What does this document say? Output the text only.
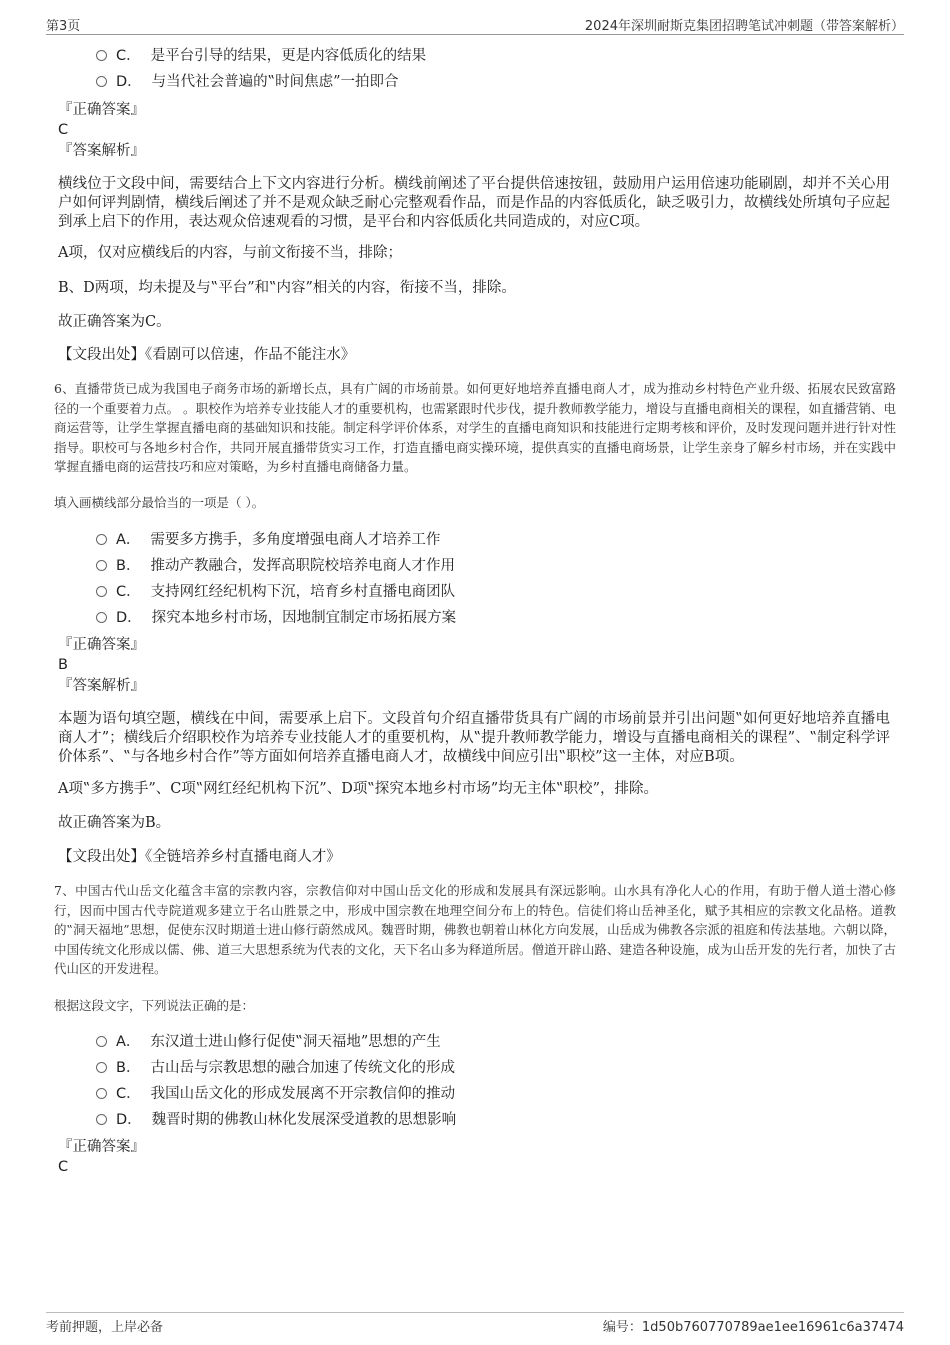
第3页	2024年深圳耐斯克集团招聘笔试冲刺题（带答案解析）
C． 是平台引导的结果，更是内容低质化的结果
D． 与当代社会普遍的‟时间焦虑”一拍即合
『正确答案』
C
『答案解析』
横线位于文段中间，需要结合上下文内容进行分析。横线前阐述了平台提供倍速按钮，鼓励用户运用倍速功能刷剧，却并不关心用户如何评判剧情，横线后阐述了并不是观众缺乏耐心完整观看作品，而是作品的内容低质化，缺乏吸引力，故横线处所填句子应起到承上启下的作用，表达观众倍速观看的习惯，是平台和内容低质化共同造成的，对应C项。
A项，仅对应横线后的内容，与前文衔接不当，排除；
B、D两项，均未提及与‟平台”和‟内容”相关的内容，衔接不当，排除。
故正确答案为C。
【文段出处】《看剧可以倍速，作品不能注水》
6、直播带货已成为我国电子商务市场的新增长点，具有广阔的市场前景。如何更好地培养直播电商人才，成为推动乡村特色产业升级、拓展农民致富路径的一个重要着力点。 。职校作为培养专业技能人才的重要机构，也需紧跟时代步伐，提升教师教学能力，增设与直播电商相关的课程，如直播营销、电商运营等，让学生掌握直播电商的基础知识和技能。制定科学评价体系，对学生的直播电商知识和技能进行定期考核和评价，及时发现问题并进行针对性指导。职校可与各地乡村合作，共同开展直播带货实习工作，打造直播电商实操环境，提供真实的直播电商场景，让学生亲身了解乡村市场，并在实践中掌握直播电商的运营技巧和应对策略，为乡村直播电商储备力量。
填入画横线部分最恰当的一项是（ ）。
A． 需要多方携手，多角度增强电商人才培养工作
B． 推动产教融合，发挥高职院校培养电商人才作用
C． 支持网红经纪机构下沉，培育乡村直播电商团队
D． 探究本地乡村市场，因地制宜制定市场拓展方案
『正确答案』
B
『答案解析』
本题为语句填空题，横线在中间，需要承上启下。文段首句介绍直播带货具有广阔的市场前景并引出问题‟如何更好地培养直播电商人才”；横线后介绍职校作为培养专业技能人才的重要机构，从‟提升教师教学能力，增设与直播电商相关的课程”、‟制定科学评价体系”、‟与各地乡村合作”等方面如何培养直播电商人才，故横线中间应引出‟职校”这一主体，对应B项。
A项‟多方携手”、C项‟网红经纪机构下沉”、D项‟探究本地乡村市场”均无主体‟职校”，排除。
故正确答案为B。
【文段出处】《全链培养乡村直播电商人才》
7、中国古代山岳文化蕴含丰富的宗教内容，宗教信仰对中国山岳文化的形成和发展具有深远影响。山水具有净化人心的作用，有助于僧人道士潜心修行，因而中国古代寺院道观多建立于名山胜景之中，形成中国宗教在地理空间分布上的特色。信徒们将山岳神圣化，赋予其相应的宗教文化品格。道教的‟洞天福地”思想，促使东汉时期道士进山修行蔚然成风。魏晋时期，佛教也朝着山林化方向发展，山岳成为佛教各宗派的祖庭和传法基地。六朝以降，中国传统文化形成以儒、佛、道三大思想系统为代表的文化，天下名山多为释道所居。僧道开辟山路、建造各种设施，成为山岳开发的先行者，加快了古代山区的开发进程。
根据这段文字，下列说法正确的是：
A． 东汉道士进山修行促使‟洞天福地”思想的产生
B． 古山岳与宗教思想的融合加速了传统文化的形成
C． 我国山岳文化的形成发展离不开宗教信仰的推动
D． 魏晋时期的佛教山林化发展深受道教的思想影响
『正确答案』
C
考前押题，上岸必备	编号：1d50b760770789ae1ee16961c6a37474
